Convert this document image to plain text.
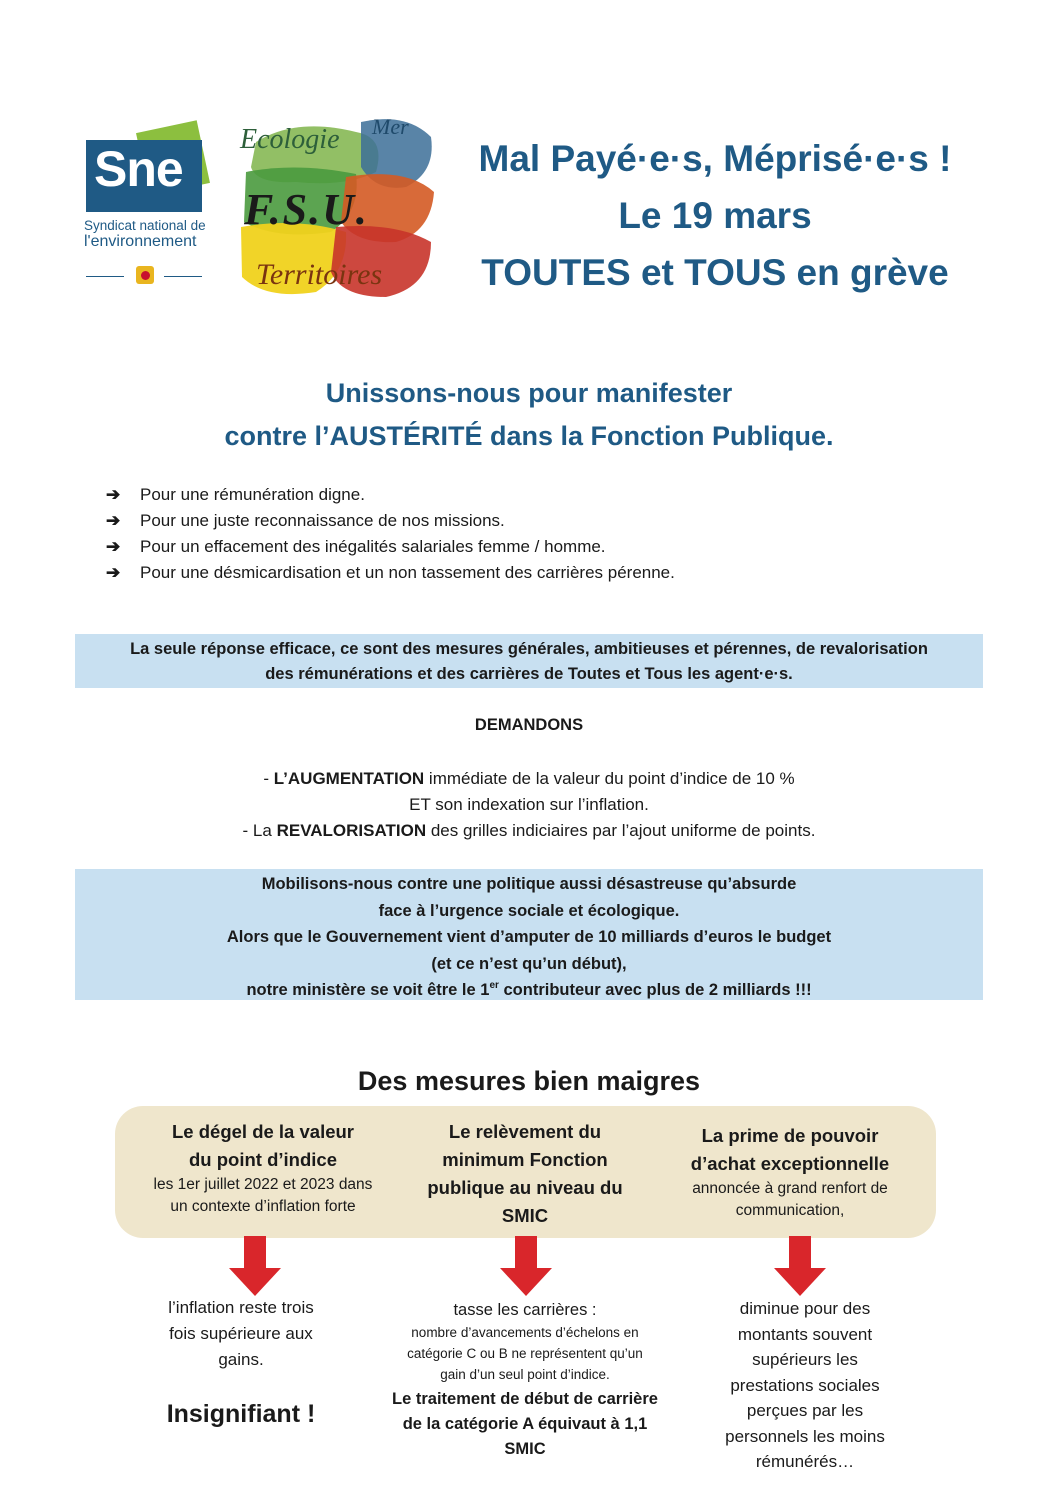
Sne
Syndicat national de
l'environnement
Ecologie Mer
F.S.U.
Territoires
Mal Payé·e·s, Méprisé·e·s !
Le 19 mars
TOUTES et TOUS en grève
Unissons-nous pour manifester
contre l’AUSTÉRITÉ dans la Fonction Publique.
➔ Pour une rémunération digne.
➔ Pour une juste reconnaissance de nos missions.
➔ Pour un effacement des inégalités salariales femme / homme.
➔ Pour une désmicardisation et un non tassement des carrières pérenne.
La seule réponse efficace, ce sont des mesures générales, ambitieuses et pérennes, de revalorisation
des rémunérations et des carrières de Toutes et Tous les agent·e·s.
DEMANDONS
- L’AUGMENTATION immédiate de la valeur du point d’indice de 10 %
ET son indexation sur l’inflation.
- La REVALORISATION des grilles indiciaires par l’ajout uniforme de points.
Mobilisons-nous contre une politique aussi désastreuse qu’absurde
face à l’urgence sociale et écologique.
Alors que le Gouvernement vient d’amputer de 10 milliards d’euros le budget
(et ce n’est qu’un début),
notre ministère se voit être le 1er contributeur avec plus de 2 milliards !!!
Des mesures bien maigres
Le dégel de la valeur
du point d’indice
les 1er juillet 2022 et 2023 dans
un contexte d’inflation forte
Le relèvement du
minimum Fonction
publique au niveau du
SMIC
La prime de pouvoir
d’achat exceptionnelle
annoncée à grand renfort de
communication,
l’inflation reste trois
fois supérieure aux
gains.
Insignifiant !
tasse les carrières :
nombre d’avancements d’échelons en
catégorie C ou B ne représentent qu’un
gain d’un seul point d’indice.
Le traitement de début de carrière
de la catégorie A équivaut à 1,1
SMIC
diminue pour des
montants souvent
supérieurs les
prestations sociales
perçues par les
personnels les moins
rémunérés…
